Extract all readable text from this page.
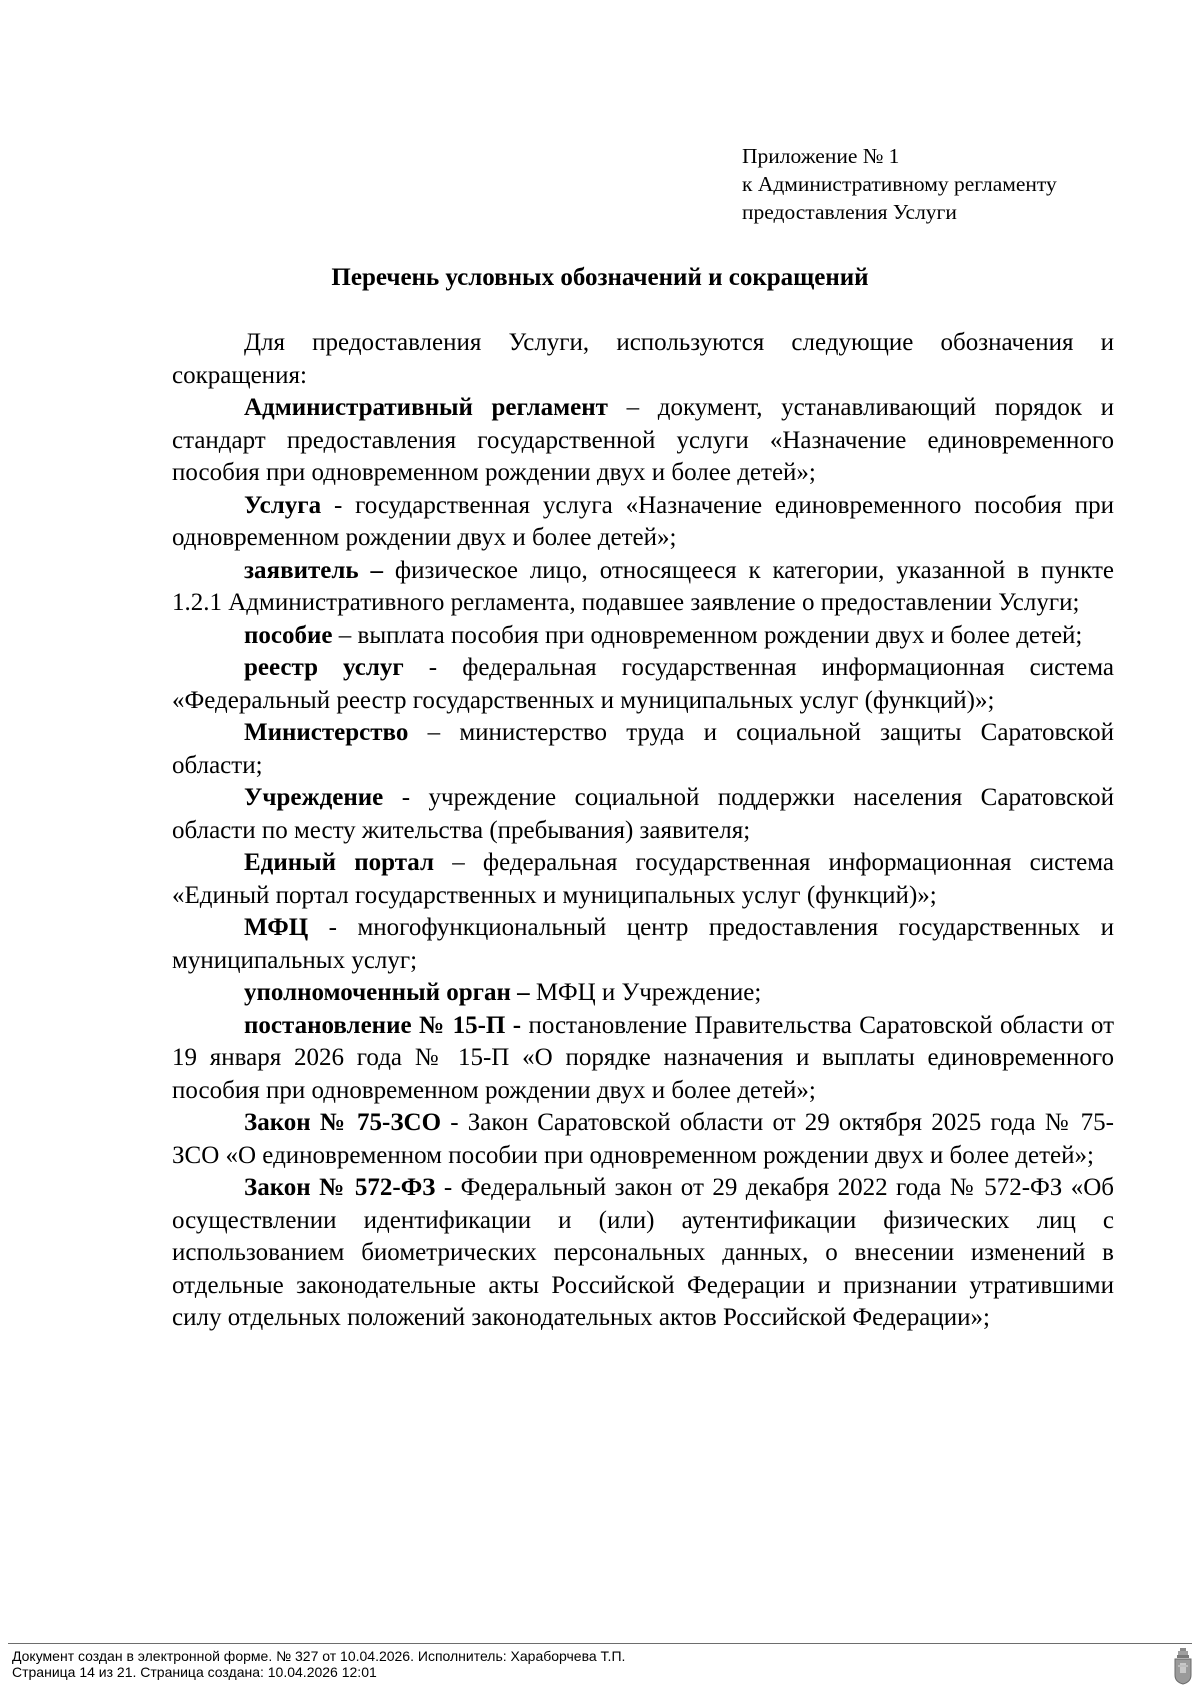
Приложение № 1
к Административному регламенту
предоставления Услуги
Перечень условных обозначений и сокращений

Для предоставления Услуги, используются следующие обозначения и сокращения:

Административный регламент – документ, устанавливающий порядок и стандарт предоставления государственной услуги «Назначение единовременного пособия при одновременном рождении двух и более детей»;

Услуга - государственная услуга «Назначение единовременного пособия при одновременном рождении двух и более детей»;

заявитель – физическое лицо, относящееся к категории, указанной в пункте 1.2.1 Административного регламента, подавшее заявление о предоставлении Услуги;

пособие – выплата пособия при одновременном рождении двух и более детей;

реестр услуг - федеральная государственная информационная система «Федеральный реестр государственных и муниципальных услуг (функций)»;

Министерство – министерство труда и социальной защиты Саратовской области;

Учреждение - учреждение социальной поддержки населения Саратовской области по месту жительства (пребывания) заявителя;

Единый портал – федеральная государственная информационная система «Единый портал государственных и муниципальных услуг (функций)»;

МФЦ - многофункциональный центр предоставления государственных и муниципальных услуг;

уполномоченный орган – МФЦ и Учреждение;

постановление № 15-П - постановление Правительства Саратовской области от 19 января 2026 года № 15-П «О порядке назначения и выплаты единовременного пособия при одновременном рождении двух и более детей»;

Закон № 75-ЗСО - Закон Саратовской области от 29 октября 2025 года № 75-ЗСО «О единовременном пособии при одновременном рождении двух и более детей»;

Закон № 572-ФЗ - Федеральный закон от 29 декабря 2022 года № 572-ФЗ «Об осуществлении идентификации и (или) аутентификации физических лиц с использованием биометрических персональных данных, о внесении изменений в отдельные законодательные акты Российской Федерации и признании утратившими силу отдельных положений законодательных актов Российской Федерации»;

Документ создан в электронной форме. № 327 от 10.04.2026. Исполнитель: Хараборчева Т.П.
Страница 14 из 21. Страница создана: 10.04.2026 12:01
